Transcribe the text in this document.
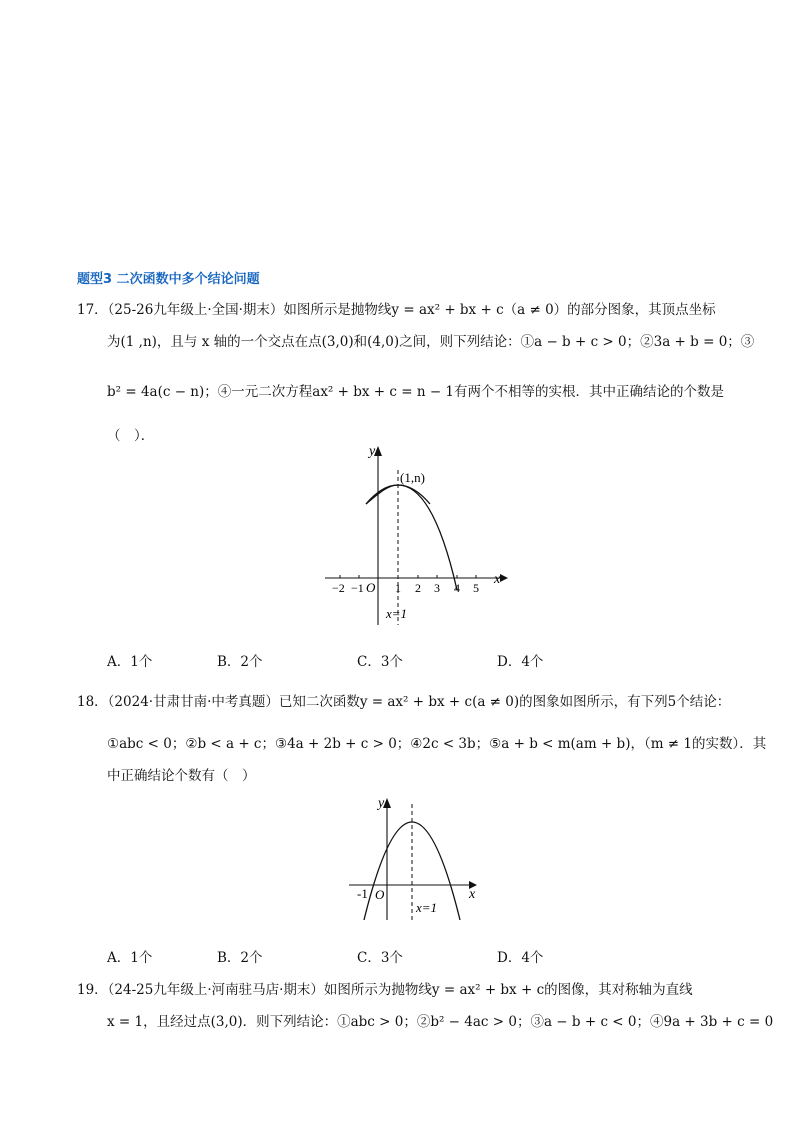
题型3 二次函数中多个结论问题
17．（25-26九年级上·全国·期末）如图所示是抛物线y = ax² + bx + c（a ≠ 0）的部分图象，其顶点坐标
为(1 ,n)，且与 x 轴的一个交点在点(3,0)和(4,0)之间，则下列结论：①a − b + c > 0；②3a + b = 0；③
b² = 4a(c − n)；④一元二次方程ax² + bx + c = n − 1有两个不相等的实根．其中正确结论的个数是
（　）．
y
x
(1,n)
O
−2 −1	1 2 3 4 5
x=1
A．1个	B．2个	C．3个	D．4个
18．（2024·甘肃甘南·中考真题）已知二次函数y = ax² + bx + c(a ≠ 0)的图象如图所示，有下列5个结论：
①abc < 0；②b < a + c；③4a + 2b + c > 0；④2c < 3b；⑤a + b < m(am + b)，（m ≠ 1的实数）．其
中正确结论个数有（　）
y
x
-1 O
x=1
A．1个	B．2个	C．3个	D．4个
19．（24-25九年级上·河南驻马店·期末）如图所示为抛物线y = ax² + bx + c的图像，其对称轴为直线
x = 1，且经过点(3,0)．则下列结论：①abc > 0；②b² − 4ac > 0；③a − b + c < 0；④9a + 3b + c = 0
